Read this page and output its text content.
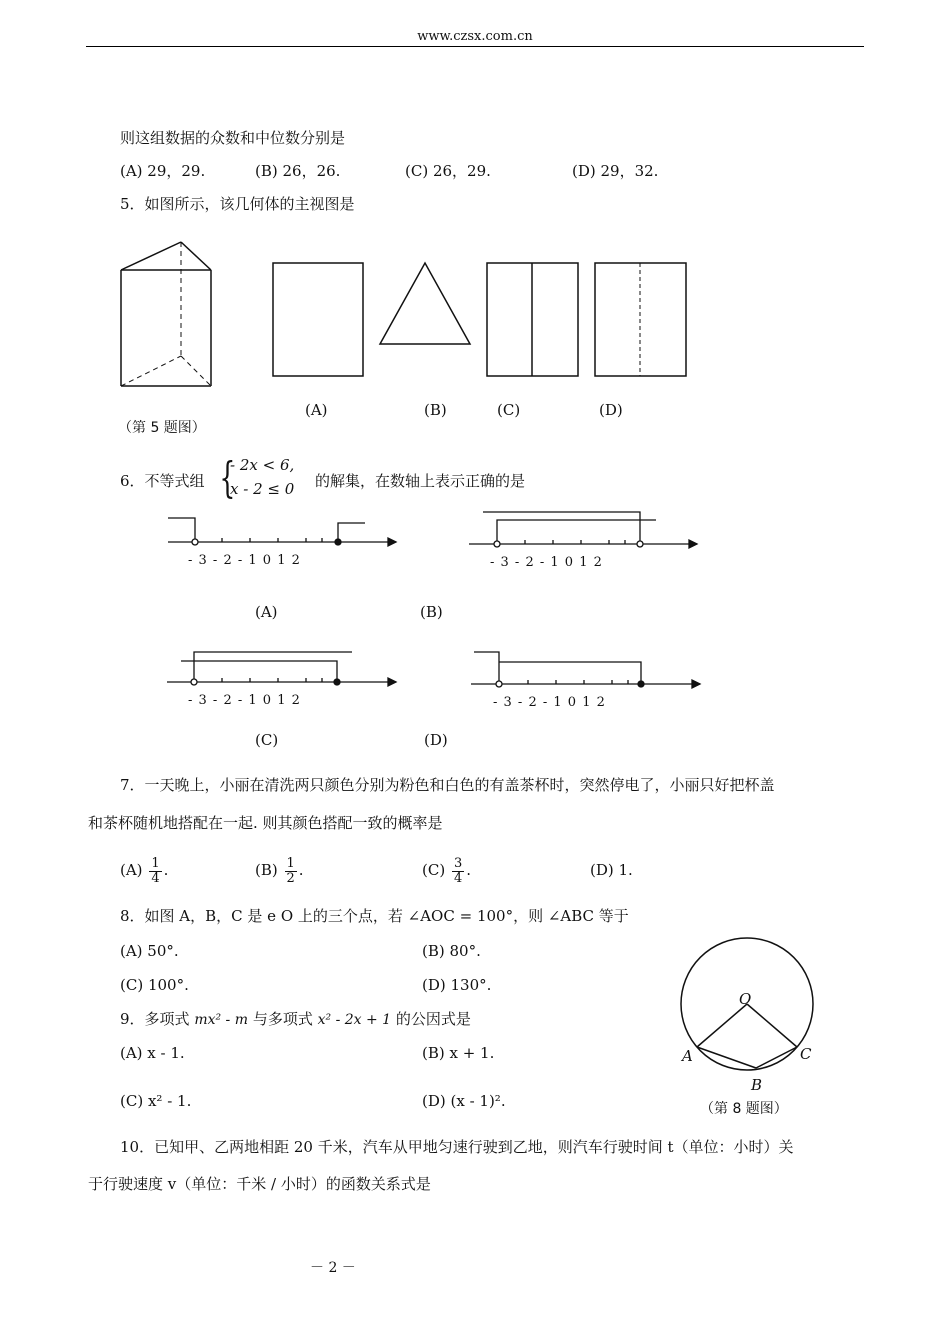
www.czsx.com.cn
则这组数据的众数和中位数分别是
(A) 29，29.	(B) 26，26.	(C) 26，29.	(D) 29，32.
5．如图所示，该几何体的主视图是
(A)	(B)	(C)	(D)
（第 5 题图）
6．不等式组 {
- 2x < 6,
x - 2 ≤ 0 的解集，在数轴上表示正确的是
- 3 - 2 - 1 0 1 2	- 3 - 2 - 1 0 1 2
- 3 - 2 - 1 0 1 2	- 3 - 2 - 1 0 1 2
(A)	(B)
(C)	(D)
7．一天晚上，小丽在清洗两只颜色分别为粉色和白色的有盖茶杯时，突然停电了，小丽只好把杯盖
和茶杯随机地搭配在一起. 则其颜色搭配一致的概率是
$(A) \frac{1}{4}$ .	$(B) \frac{1}{2}$ .	$(C) \frac{3}{4}$ .	(D) 1.
8．如图 A，B，C 是 e O 上的三个点，若 ∠AOC = 100°，则 ∠ABC 等于
(A) 50°.	(B) 80°.
(C) 100°.	(D) 130°.
O
A	C
B
（第 8 题图）
9．多项式 mx² - m 与多项式 x² - 2x + 1 的公因式是
(A) x - 1.	(B) x + 1.
(C) x² - 1.	(D) (x - 1)².
10．已知甲、乙两地相距 20 千米，汽车从甲地匀速行驶到乙地，则汽车行驶时间 t（单位：小时）关
于行驶速度 v（单位：千米 / 小时）的函数关系式是
－ 2 －
